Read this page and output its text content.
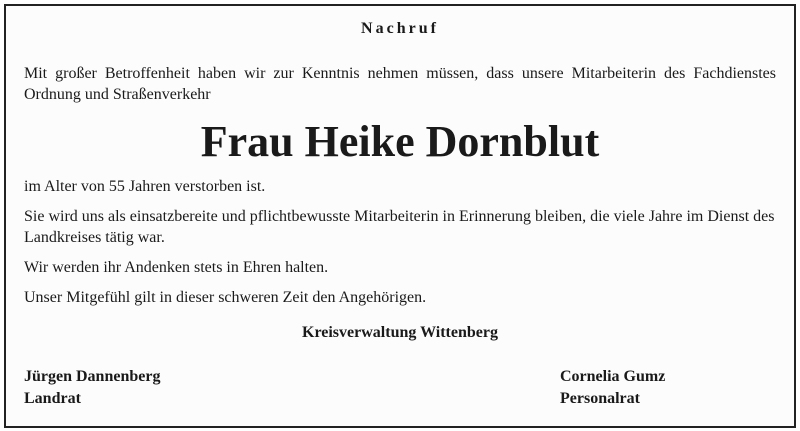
Nachruf

Mit großer Betroffenheit haben wir zur Kenntnis nehmen müssen, dass unsere Mitarbeiterin des Fachdienstes Ordnung und Straßenverkehr

Frau Heike Dornblut

im Alter von 55 Jahren verstorben ist.

Sie wird uns als einsatzbereite und pflichtbewusste Mitarbeiterin in Erinnerung bleiben, die viele Jahre im Dienst des Landkreises tätig war.

Wir werden ihr Andenken stets in Ehren halten.

Unser Mitgefühl gilt in dieser schweren Zeit den Angehörigen.

Kreisverwaltung Wittenberg
Jürgen Dannenberg
Landrat
Cornelia Gumz
Personalrat
